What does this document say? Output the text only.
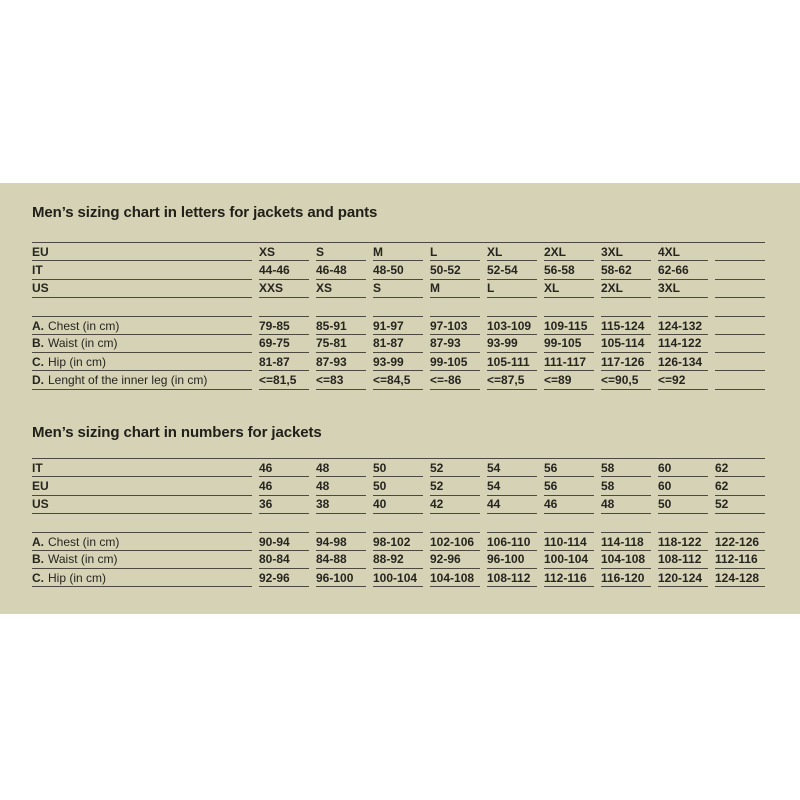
Men’s sizing chart in letters for jackets and pants
EU	XS	S	M	L	XL	2XL	3XL	4XL
IT	44-46	46-48	48-50	50-52	52-54	56-58	58-62	62-66
US	XXS	XS	S	M	L	XL	2XL	3XL
A. Chest (in cm)	79-85	85-91	91-97	97-103	103-109	109-115	115-124	124-132
B. Waist (in cm)	69-75	75-81	81-87	87-93	93-99	99-105	105-114	114-122
C. Hip (in cm)	81-87	87-93	93-99	99-105	105-111	111-117	117-126	126-134
D. Lenght of the inner leg (in cm)	<=81,5	<=83	<=84,5	<=-86	<=87,5	<=89	<=90,5	<=92
Men’s sizing chart in numbers for jackets
IT	46	48	50	52	54	56	58	60	62
EU	46	48	50	52	54	56	58	60	62
US	36	38	40	42	44	46	48	50	52
A. Chest (in cm)	90-94	94-98	98-102	102-106	106-110	110-114	114-118	118-122	122-126
B. Waist (in cm)	80-84	84-88	88-92	92-96	96-100	100-104	104-108	108-112	112-116
C. Hip (in cm)	92-96	96-100	100-104	104-108	108-112	112-116	116-120	120-124	124-128
